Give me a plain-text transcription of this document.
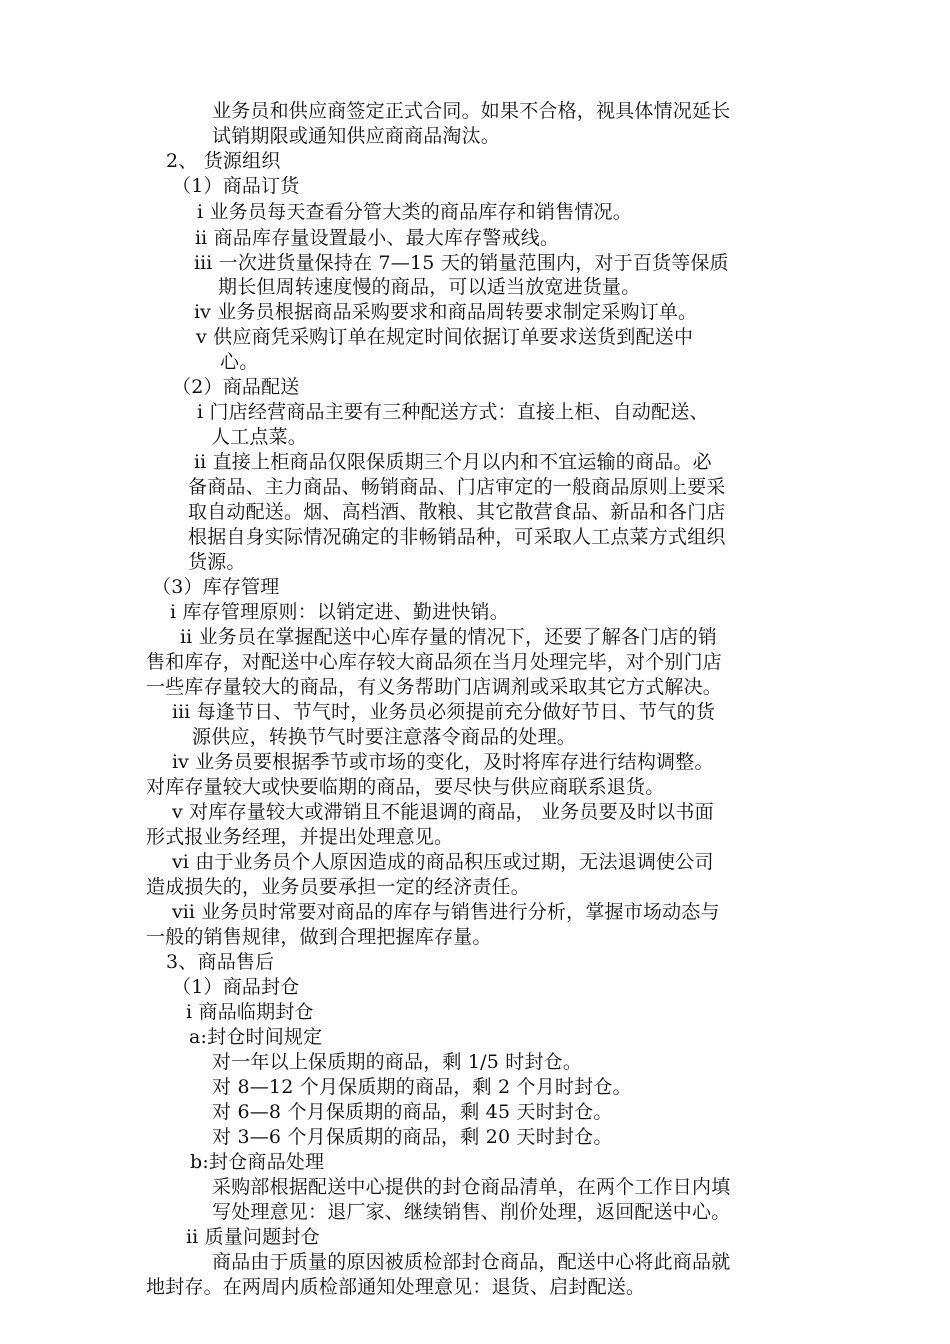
业务员和供应商签定正式合同。如果不合格，视具体情况延长
试销期限或通知供应商商品淘汰。
2、 货源组织
（1）商品订货
ⅰ 业务员每天查看分管大类的商品库存和销售情况。
ⅱ 商品库存量设置最小、最大库存警戒线。
ⅲ 一次进货量保持在 7—15 天的销量范围内，对于百货等保质
期长但周转速度慢的商品，可以适当放宽进货量。
ⅳ 业务员根据商品采购要求和商品周转要求制定采购订单。
ⅴ 供应商凭采购订单在规定时间依据订单要求送货到配送中
心。
（2）商品配送
ⅰ 门店经营商品主要有三种配送方式：直接上柜、自动配送、
人工点菜。
ⅱ 直接上柜商品仅限保质期三个月以内和不宜运输的商品。必
备商品、主力商品、畅销商品、门店审定的一般商品原则上要采
取自动配送。烟、高档酒、散粮、其它散营食品、新品和各门店
根据自身实际情况确定的非畅销品种，可采取人工点菜方式组织
货源。
（3）库存管理
ⅰ 库存管理原则：以销定进、勤进快销。
ⅱ 业务员在掌握配送中心库存量的情况下，还要了解各门店的销
售和库存，对配送中心库存较大商品须在当月处理完毕，对个别门店
一些库存量较大的商品，有义务帮助门店调剂或采取其它方式解决。
ⅲ 每逢节日、节气时，业务员必须提前充分做好节日、节气的货
源供应，转换节气时要注意落令商品的处理。
ⅳ 业务员要根据季节或市场的变化，及时将库存进行结构调整。
对库存量较大或快要临期的商品，要尽快与供应商联系退货。
ⅴ 对库存量较大或滞销且不能退调的商品， 业务员要及时以书面
形式报业务经理，并提出处理意见。
ⅵ 由于业务员个人原因造成的商品积压或过期，无法退调使公司
造成损失的，业务员要承担一定的经济责任。
ⅶ 业务员时常要对商品的库存与销售进行分析，掌握市场动态与
一般的销售规律，做到合理把握库存量。
3、商品售后
（1）商品封仓
ⅰ 商品临期封仓
a:封仓时间规定
对一年以上保质期的商品，剩 1/5 时封仓。
对 8—12 个月保质期的商品，剩 2 个月时封仓。
对 6—8 个月保质期的商品，剩 45 天时封仓。
对 3—6 个月保质期的商品，剩 20 天时封仓。
b:封仓商品处理
采购部根据配送中心提供的封仓商品清单，在两个工作日内填
写处理意见：退厂家、继续销售、削价处理，返回配送中心。
ⅱ 质量问题封仓
商品由于质量的原因被质检部封仓商品，配送中心将此商品就
地封存。在两周内质检部通知处理意见：退货、启封配送。
